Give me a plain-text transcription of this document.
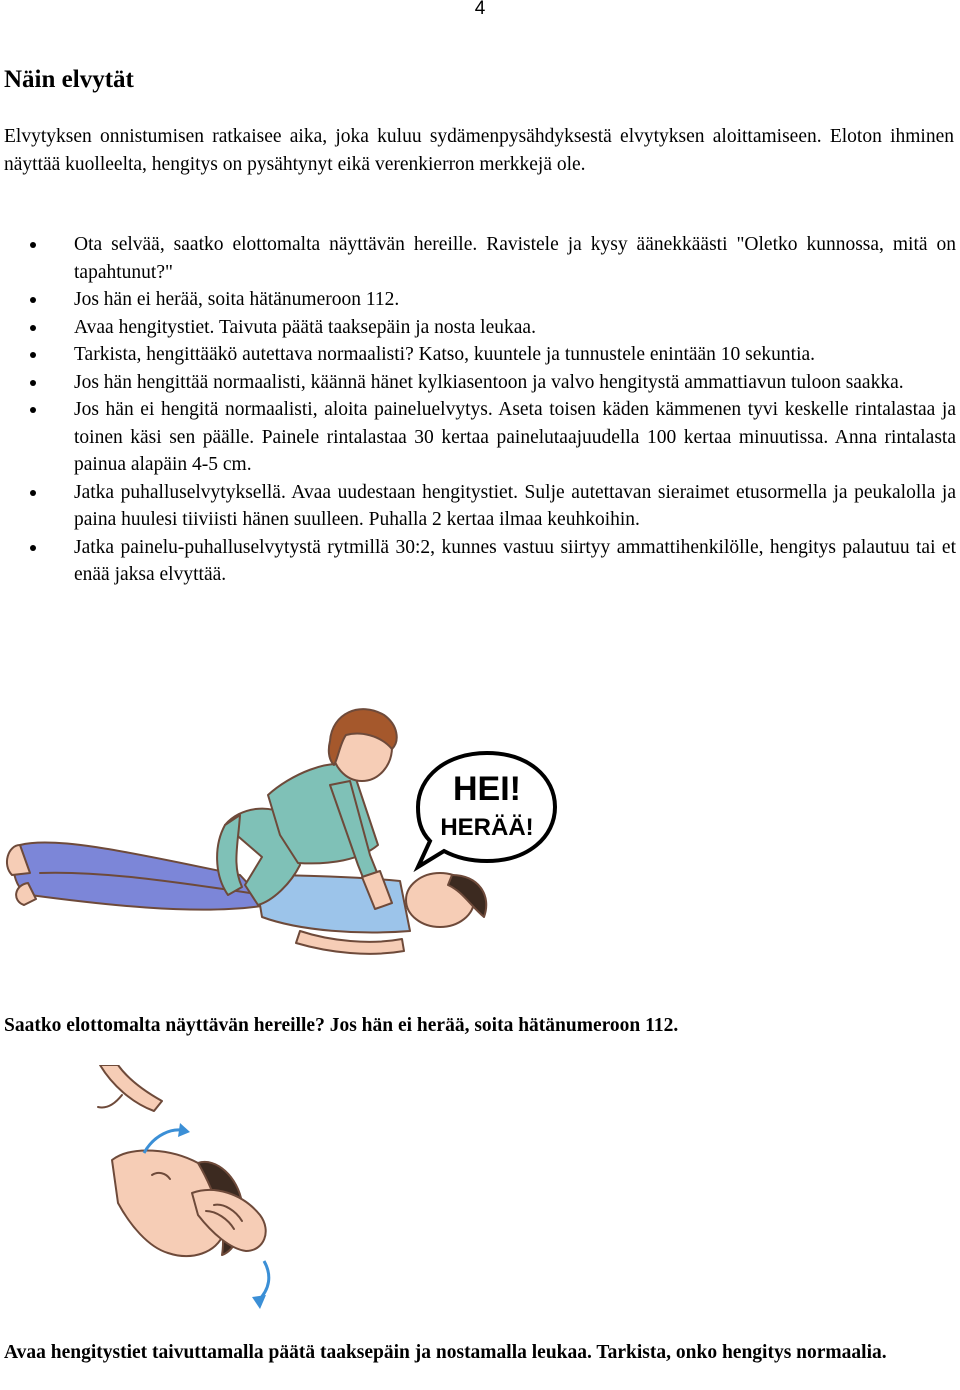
4
Näin elvytät

Elvytyksen onnistumisen ratkaisee aika, joka kuluu sydämenpysähdyksestä elvytyksen aloittamiseen. Eloton ihminen näyttää kuolleelta, hengitys on pysähtynyt eikä verenkierron merkkejä ole.

Ota selvää, saatko elottomalta näyttävän hereille. Ravistele ja kysy äänekkäästi "Oletko kunnossa, mitä on tapahtunut?"
Jos hän ei herää, soita hätänumeroon 112.
Avaa hengitystiet. Taivuta päätä taaksepäin ja nosta leukaa.
Tarkista, hengittääkö autettava normaalisti? Katso, kuuntele ja tunnustele enintään 10 sekuntia.
Jos hän hengittää normaalisti, käännä hänet kylkiasentoon ja valvo hengitystä ammattiavun tuloon saakka.
Jos hän ei hengitä normaalisti, aloita paineluelvytys. Aseta toisen käden kämmenen tyvi keskelle rintalastaa ja toinen käsi sen päälle. Painele rintalastaa 30 kertaa painelutaajuudella 100 kertaa minuutissa. Anna rintalasta painua alapäin 4-5 cm.
Jatka puhalluselvytyksellä. Avaa uudestaan hengitystiet. Sulje autettavan sieraimet etusormella ja peukalolla ja paina huulesi tiiviisti hänen suulleen. Puhalla 2 kertaa ilmaa keuhkoihin.
Jatka painelu-puhalluselvytystä rytmillä 30:2, kunnes vastuu siirtyy ammattihenkilölle, hengitys palautuu tai et enää jaksa elvyttää.
HEI!
HERÄÄ!

Saatko elottomalta näyttävän hereille? Jos hän ei herää, soita hätänumeroon 112.

Avaa hengitystiet taivuttamalla päätä taaksepäin ja nostamalla leukaa. Tarkista, onko hengitys normaalia.
